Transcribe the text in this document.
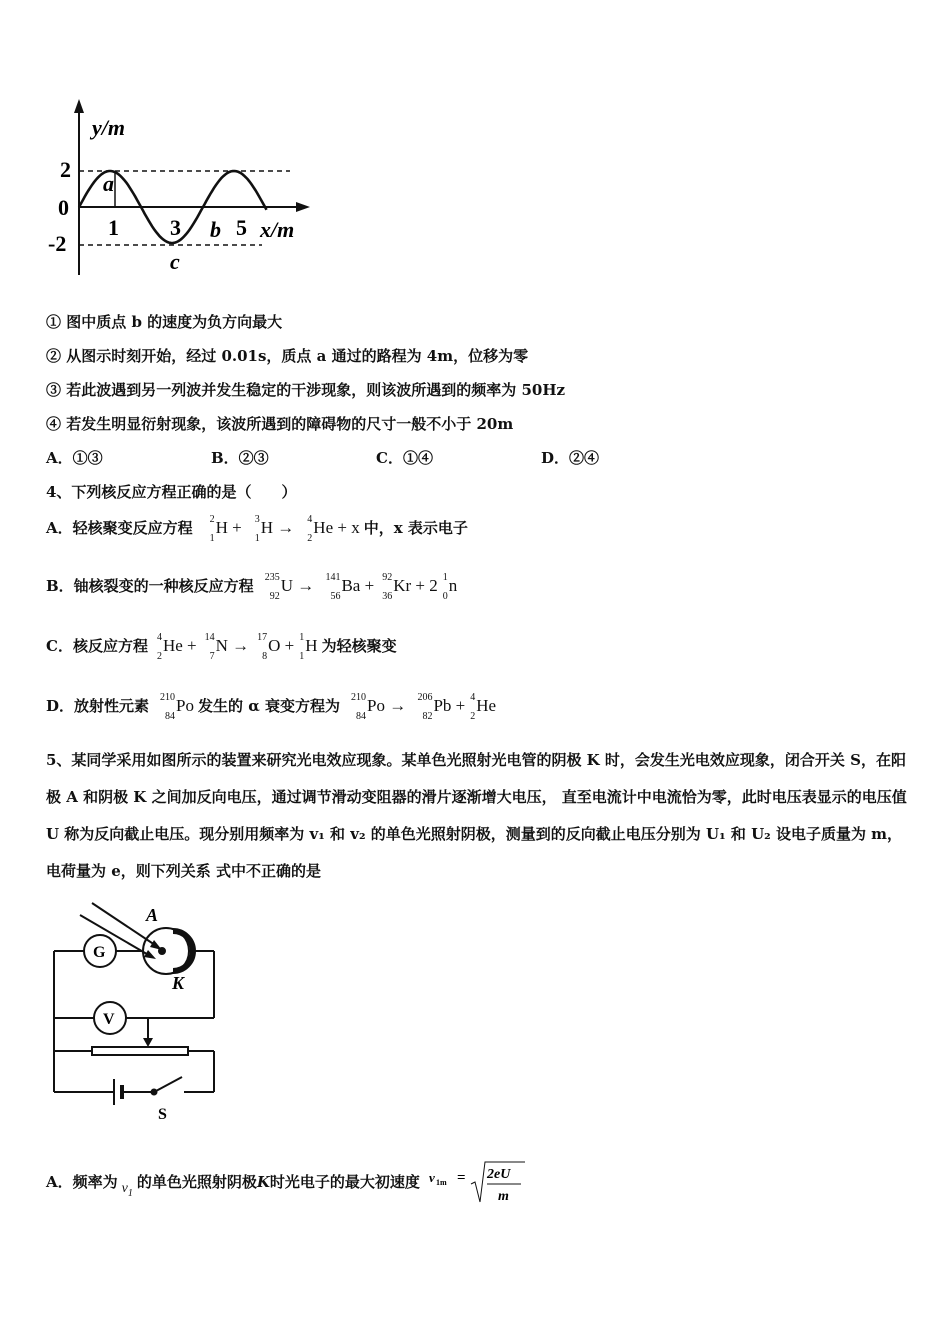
y/m
x/m
2
0
-2
1 3	5
a
b
c
① 图中质点 b 的速度为负方向最大
② 从图示时刻开始，经过 0.01s，质点 a 通过的路程为 4m，位移为零
③ 若此波遇到另一列波并发生稳定的干涉现象，则该波所遇到的频率为 50Hz
④ 若发生明显衍射现象，该波所遇到的障碍物的尺寸一般不小于 20m
A．①③	B．②③	C．①④	D．②④
4、下列核反应方程正确的是（　　）
A．轻核聚变反应方程 2
1
H + 3
1
H → 4
2
He + x 中，x 表示电子
B．铀核裂变的一种核反应方程 235
92
U → 141
56
Ba + 92
36
Kr + 2 1
0
n
C．核反应方程 4
2
He + 14
7
N → 17
8
O + 1
1
H 为轻核聚变
D．放射性元素 210
84
Po 发生的 α 衰变方程为 210
84
Po → 206
82
Pb + 4
2
He
5、某同学采用如图所示的装置来研究光电效应现象。某单色光照射光电管的阴极 K 时，会发生光电效应现象，闭合开关 S，在阳极 A 和阴极 K 之间加反向电压，通过调节滑动变阻器的滑片逐渐增大电压， 直至电流计中电流恰为零，此时电压表显示的电压值 U 称为反向截止电压。现分别用频率为 v₁ 和 v₂ 的单色光照射阴极，测量到的反向截止电压分别为 U₁ 和 U₂ 设电子质量为 m，电荷量为 e，则下列关系 式中不正确的是
A
K
G
V
S
A．频率为 $v_1$的单色光照射阴极K时光电子的最大初速度 v 1m = 2eU
m
